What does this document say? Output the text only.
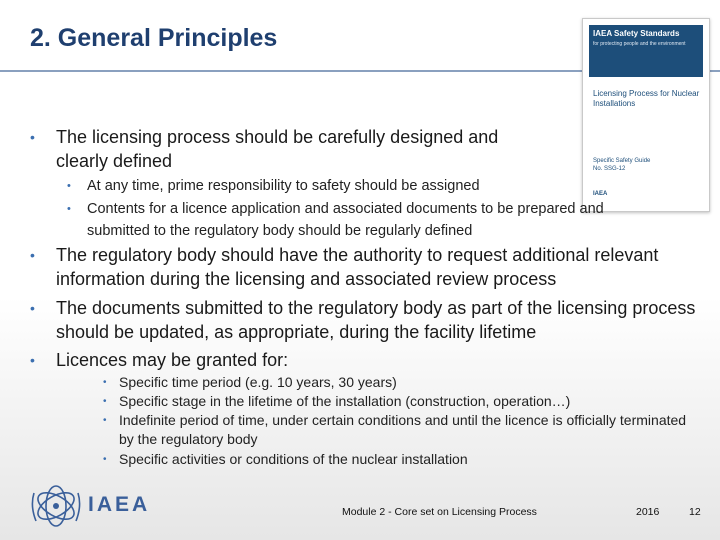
2. General Principles	IAEA Safety Standards
for protecting people and the environment
Licensing Process for Nuclear Installations
Specific Safety Guide
No. SSG-12
IAEA
• The licensing process should be carefully designed and clearly defined
• At any time, prime responsibility to safety should be assigned
• Contents for a licence application and associated documents to be prepared and submitted to the regulatory body should be regularly defined
• The regulatory body should have the authority to request additional relevant information during the licensing and associated review process
• The documents submitted to the regulatory body as part of the licensing process should be updated, as appropriate, during the facility lifetime
• Licences may be granted for:
• Specific time period (e.g. 10 years, 30 years)
• Specific stage in the lifetime of the installation (construction, operation…)
• Indefinite period of time, under certain conditions and until the licence is officially terminated by the regulatory body
• Specific activities or conditions of the nuclear installation
IAEA	Module 2 - Core set on Licensing Process	2016	12
